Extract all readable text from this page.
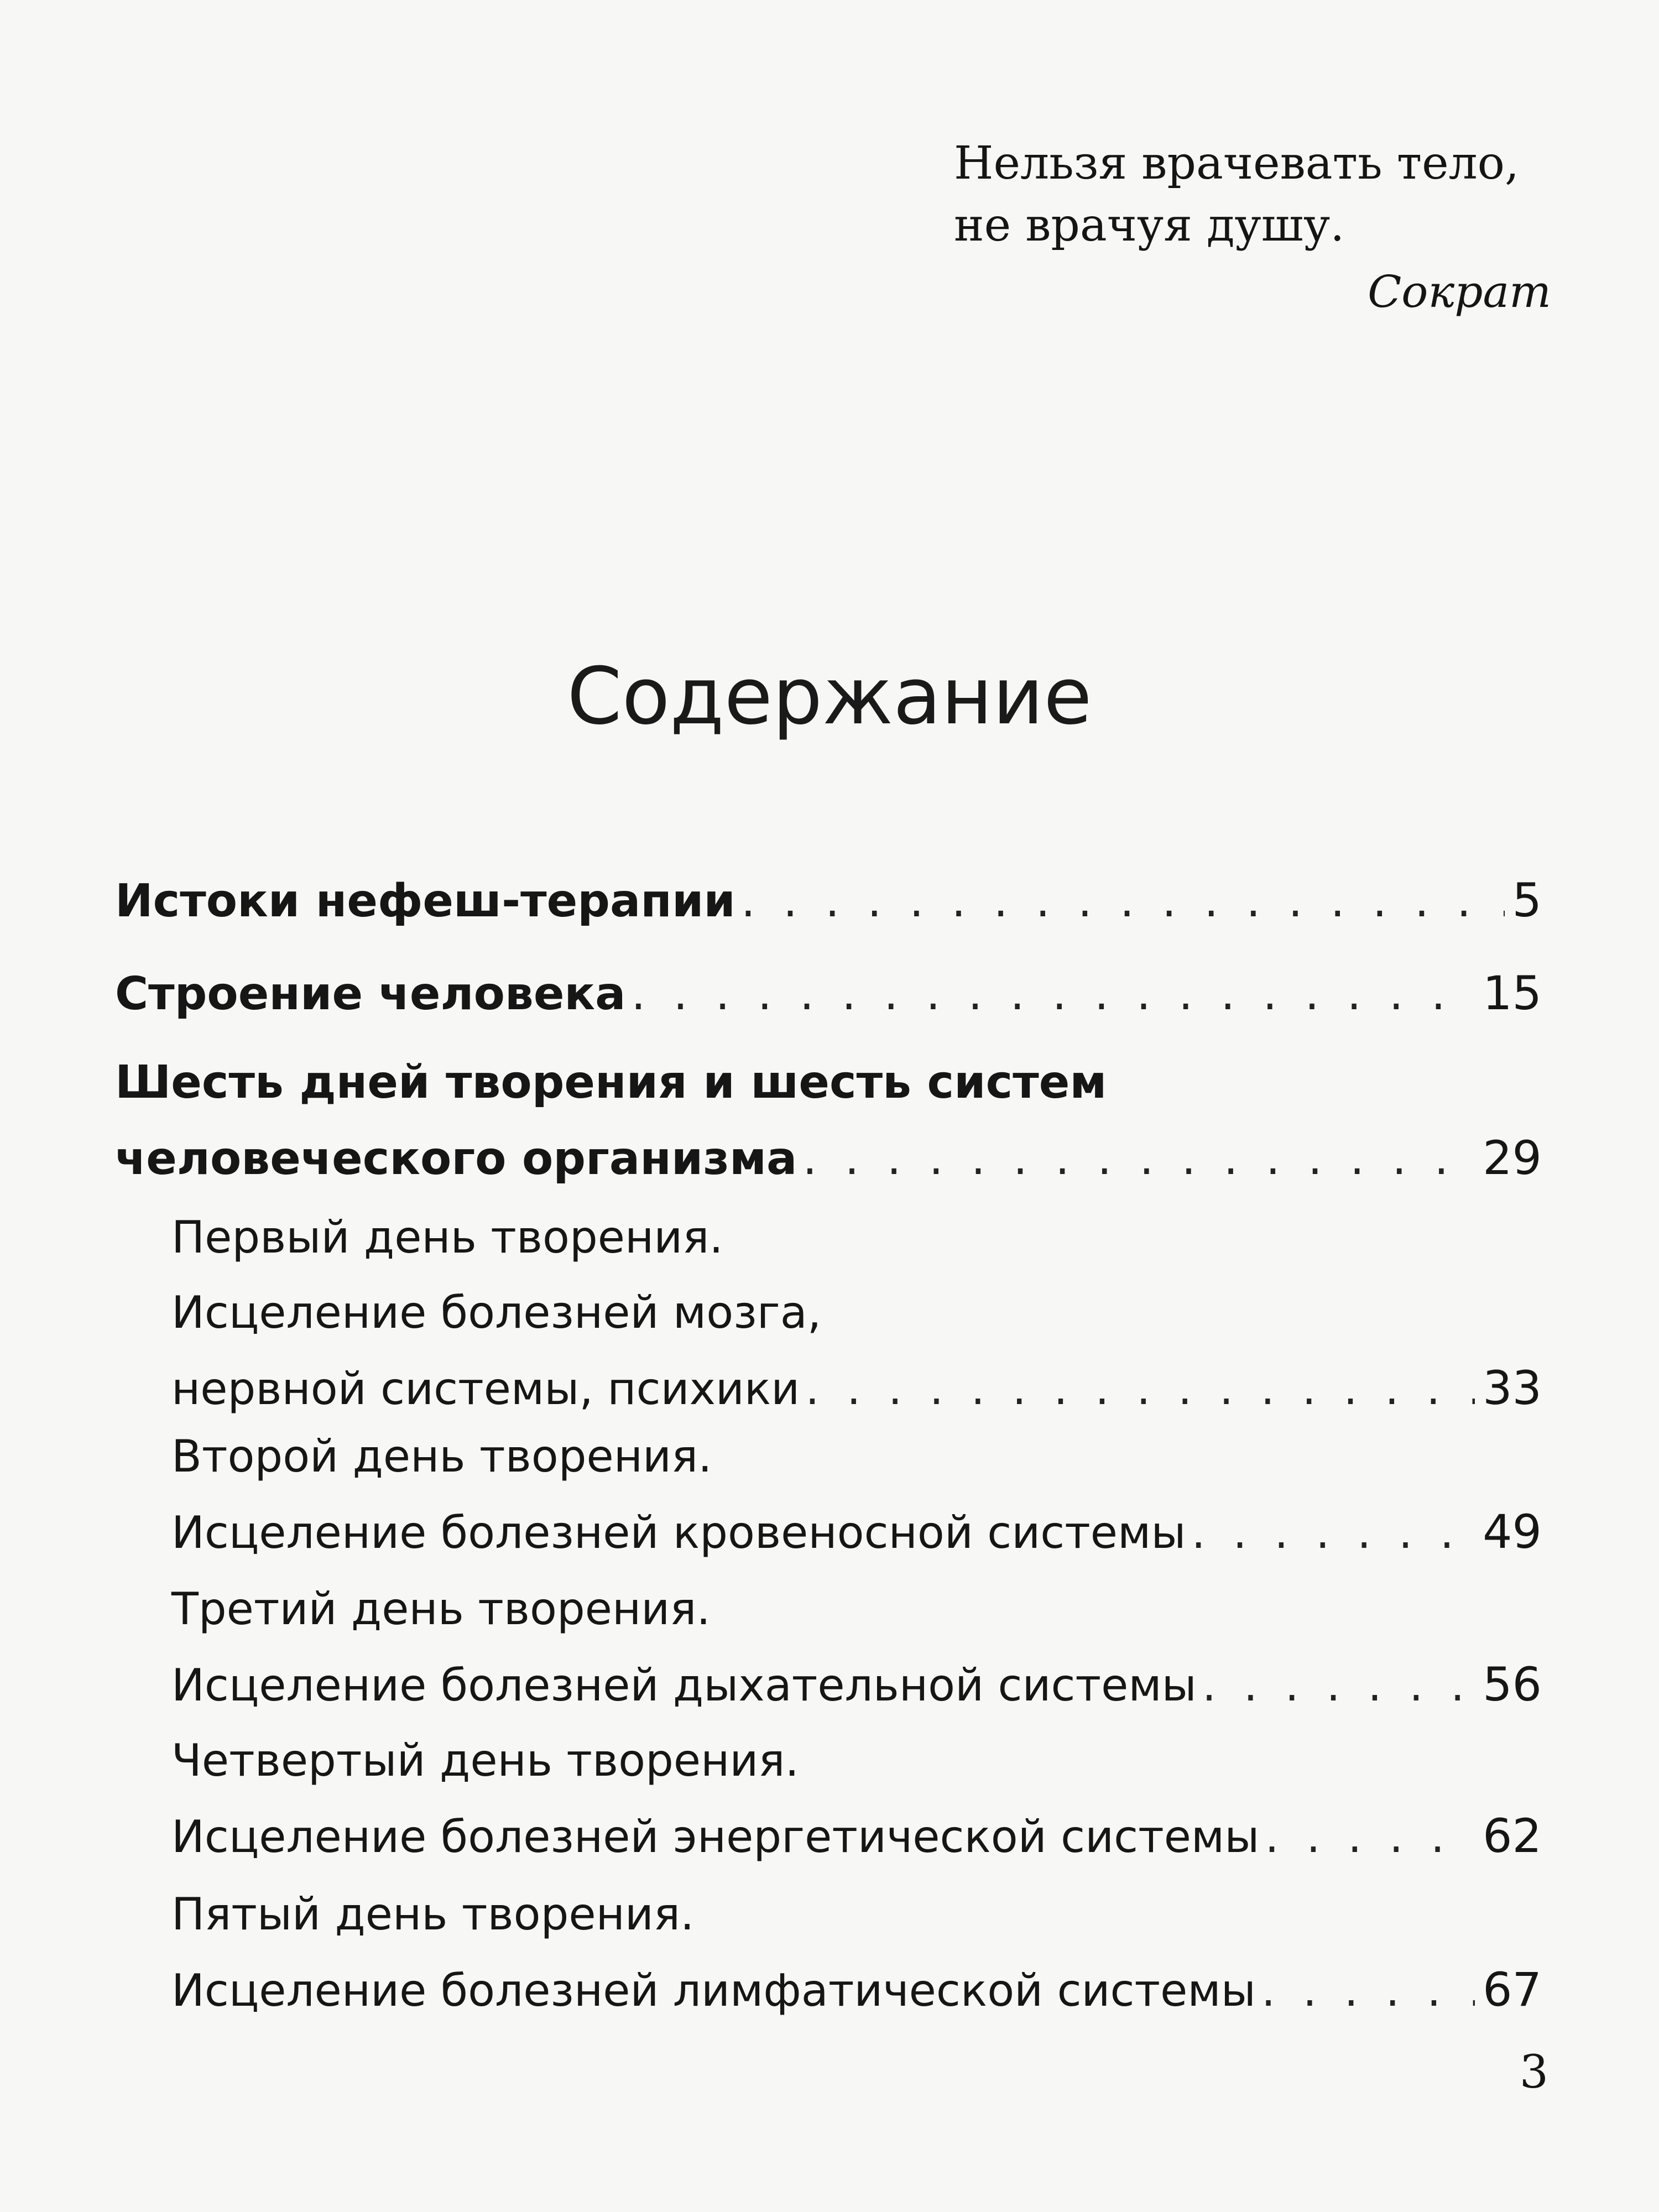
Нельзя врачевать тело,
не врачуя душу.
Сократ
Содержание
Истоки нефеш-терапии . . .	5
Строение человека . . .	15
Шесть дней творения и шесть систем
человеческого организма . . .	29
Первый день творения.
Исцеление болезней мозга,
нервной системы, психики . . .	33
Второй день творения.
Исцеление болезней кровеносной системы . . .	49
Третий день творения.
Исцеление болезней дыхательной системы . . .	56
Четвертый день творения.
Исцеление болезней энергетической системы . . .	62
Пятый день творения.
Исцеление болезней лимфатической системы . . .	67
3
